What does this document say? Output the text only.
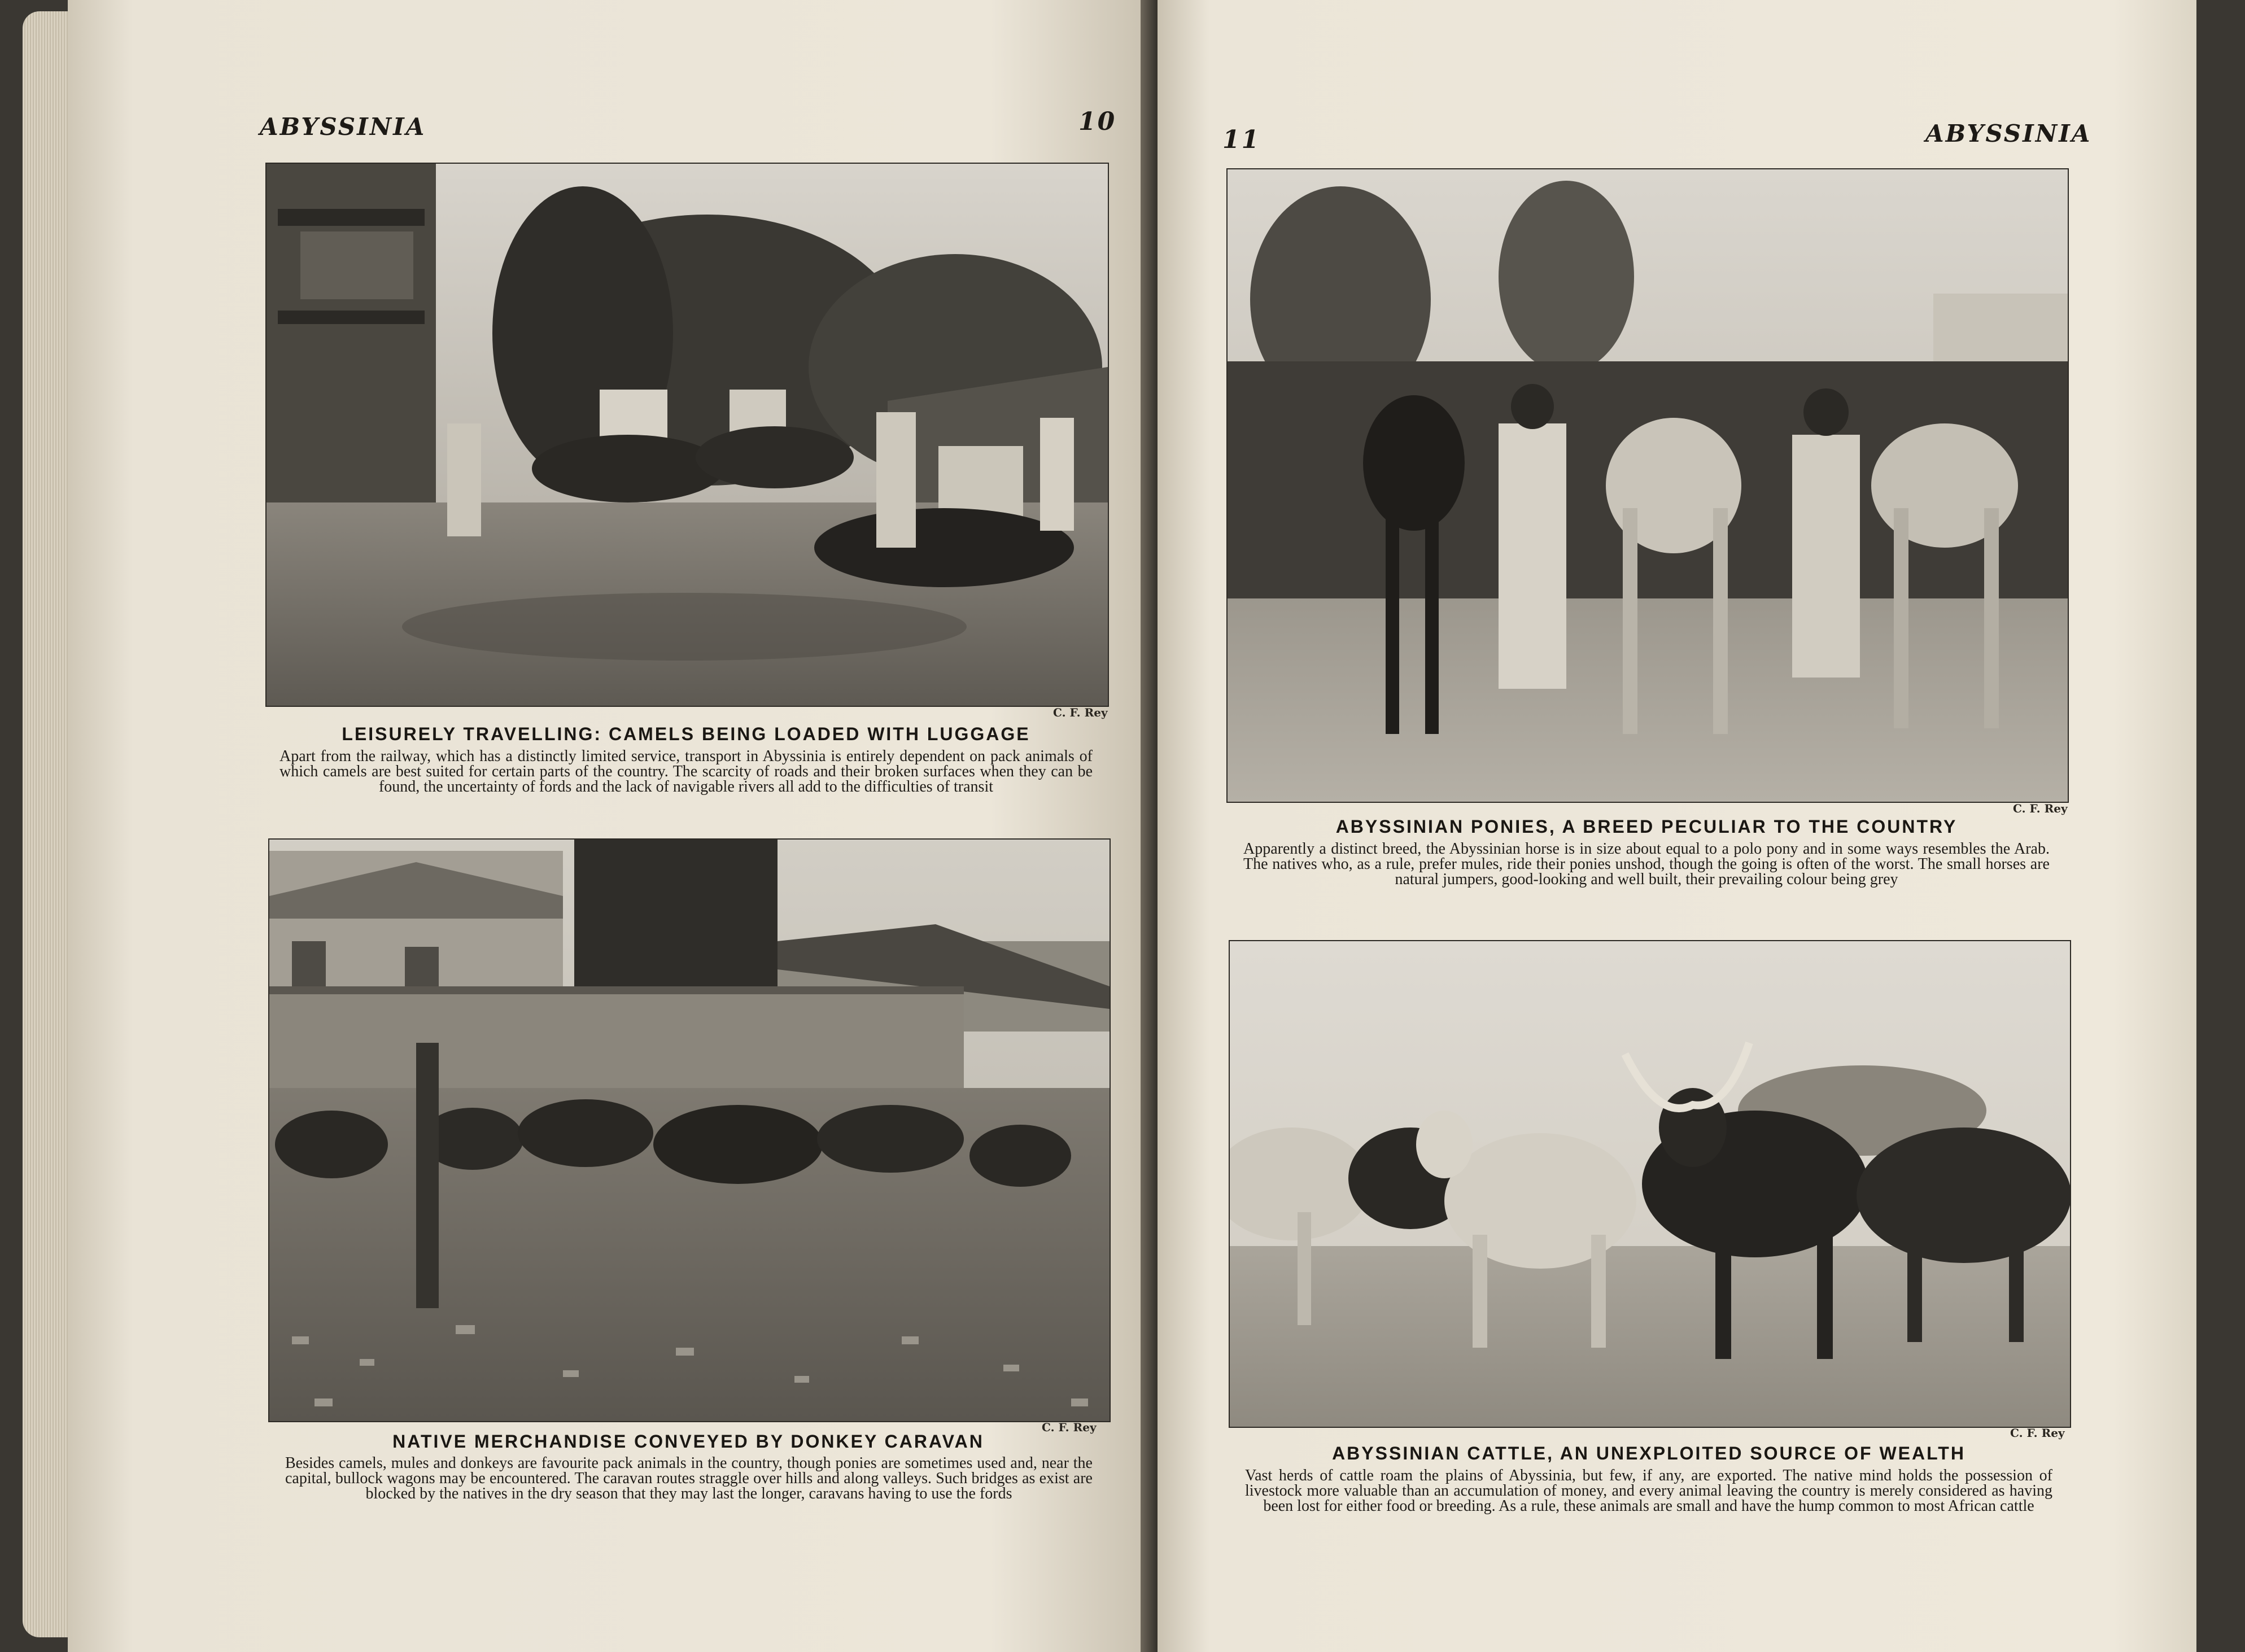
ABYSSINIA	10
C. F. Rey
LEISURELY TRAVELLING: CAMELS BEING LOADED WITH LUGGAGE
Apart from the railway, which has a distinctly limited service, transport in Abyssinia is entirely dependent on pack animals of which camels are best suited for certain parts of the country. The scarcity of roads and their broken surfaces when they can be found, the uncertainty of fords and the lack of navigable rivers all add to the difficulties of transit
C. F. Rey
NATIVE MERCHANDISE CONVEYED BY DONKEY CARAVAN
Besides camels, mules and donkeys are favourite pack animals in the country, though ponies are sometimes used and, near the capital, bullock wagons may be encountered. The caravan routes straggle over hills and along valleys. Such bridges as exist are blocked by the natives in the dry season that they may last the longer, caravans having to use the fords
11	ABYSSINIA
C. F. Rey
ABYSSINIAN PONIES, A BREED PECULIAR TO THE COUNTRY
Apparently a distinct breed, the Abyssinian horse is in size about equal to a polo pony and in some ways resembles the Arab. The natives who, as a rule, prefer mules, ride their ponies unshod, though the going is often of the worst. The small horses are natural jumpers, good-looking and well built, their prevailing colour being grey
C. F. Rey
ABYSSINIAN CATTLE, AN UNEXPLOITED SOURCE OF WEALTH
Vast herds of cattle roam the plains of Abyssinia, but few, if any, are exported. The native mind holds the possession of livestock more valuable than an accumulation of money, and every animal leaving the country is merely considered as having been lost for either food or breeding. As a rule, these animals are small and have the hump common to most African cattle
